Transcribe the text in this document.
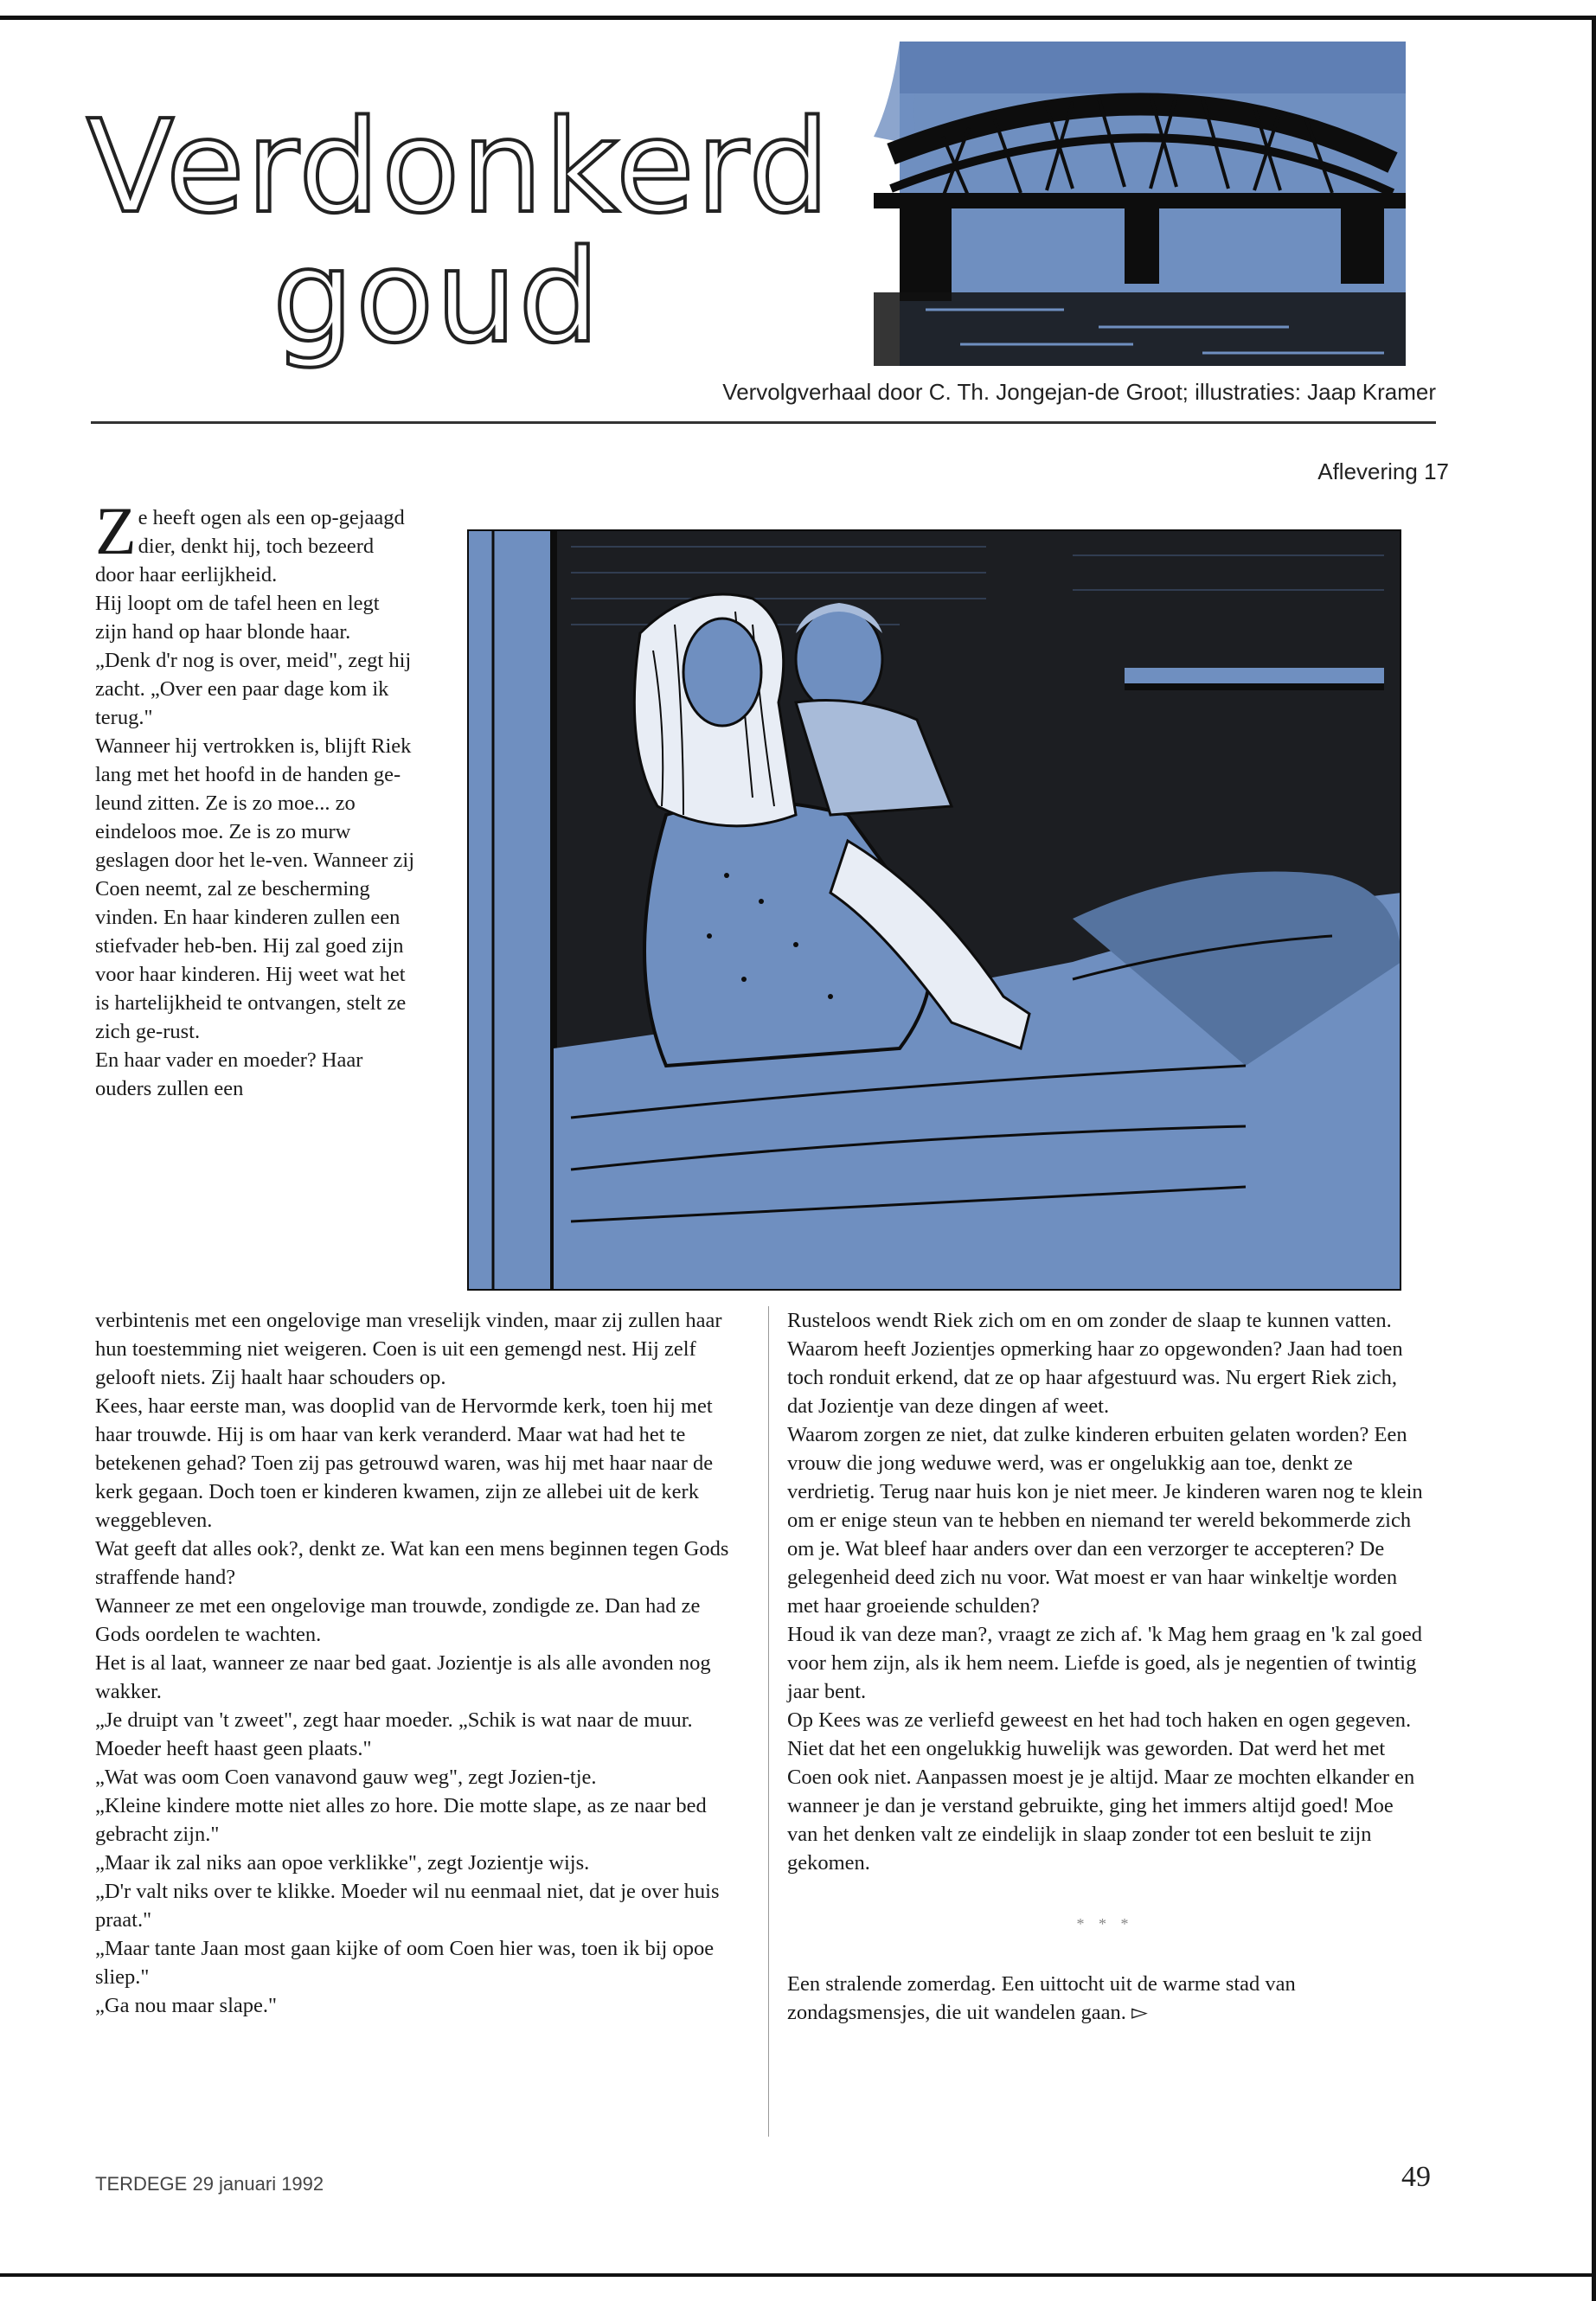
Verdonkerd
goud
Vervolgverhaal door C. Th. Jongejan-de Groot; illustraties: Jaap Kramer
Aflevering 17

Ze heeft ogen als een op-gejaagd dier, denkt hij, toch bezeerd door haar eerlijkheid.

Hij loopt om de tafel heen en legt zijn hand op haar blonde haar.

„Denk d'r nog is over, meid", zegt hij zacht. „Over een paar dage kom ik terug."

Wanneer hij vertrokken is, blijft Riek lang met het hoofd in de handen ge-leund zitten. Ze is zo moe... zo eindeloos moe. Ze is zo murw geslagen door het le-ven. Wanneer zij Coen neemt, zal ze bescherming vinden. En haar kinderen zullen een stiefvader heb-ben. Hij zal goed zijn voor haar kinderen. Hij weet wat het is hartelijkheid te ontvangen, stelt ze zich ge-rust.

En haar vader en moeder? Haar ouders zullen een

verbintenis met een ongelovige man vreselijk vinden, maar zij zullen haar hun toestemming niet weigeren. Coen is uit een gemengd nest. Hij zelf gelooft niets. Zij haalt haar schouders op.

Kees, haar eerste man, was dooplid van de Hervormde kerk, toen hij met haar trouwde. Hij is om haar van kerk veranderd. Maar wat had het te betekenen gehad? Toen zij pas getrouwd waren, was hij met haar naar de kerk gegaan. Doch toen er kinderen kwamen, zijn ze allebei uit de kerk weggebleven.

Wat geeft dat alles ook?, denkt ze. Wat kan een mens beginnen tegen Gods straffende hand?

Wanneer ze met een ongelovige man trouwde, zondigde ze. Dan had ze Gods oordelen te wachten.

Het is al laat, wanneer ze naar bed gaat. Jozientje is als alle avonden nog wakker.

„Je druipt van 't zweet", zegt haar moeder. „Schik is wat naar de muur. Moeder heeft haast geen plaats."

„Wat was oom Coen vanavond gauw weg", zegt Jozien-tje.

„Kleine kindere motte niet alles zo hore. Die motte slape, as ze naar bed gebracht zijn."

„Maar ik zal niks aan opoe verklikke", zegt Jozientje wijs.

„D'r valt niks over te klikke. Moeder wil nu eenmaal niet, dat je over huis praat."

„Maar tante Jaan most gaan kijke of oom Coen hier was, toen ik bij opoe sliep."

„Ga nou maar slape."

Rusteloos wendt Riek zich om en om zonder de slaap te kunnen vatten. Waarom heeft Jozientjes opmerking haar zo opgewonden? Jaan had toen toch ronduit erkend, dat ze op haar afgestuurd was. Nu ergert Riek zich, dat Jozientje van deze dingen af weet.

Waarom zorgen ze niet, dat zulke kinderen erbuiten gelaten worden? Een vrouw die jong weduwe werd, was er ongelukkig aan toe, denkt ze verdrietig. Terug naar huis kon je niet meer. Je kinderen waren nog te klein om er enige steun van te hebben en niemand ter wereld bekommerde zich om je. Wat bleef haar anders over dan een verzorger te accepteren? De gelegenheid deed zich nu voor. Wat moest er van haar winkeltje worden met haar groeiende schulden?

Houd ik van deze man?, vraagt ze zich af. 'k Mag hem graag en 'k zal goed voor hem zijn, als ik hem neem. Liefde is goed, als je negentien of twintig jaar bent.

Op Kees was ze verliefd geweest en het had toch haken en ogen gegeven. Niet dat het een ongelukkig huwelijk was geworden. Dat werd het met Coen ook niet. Aanpassen moest je je altijd. Maar ze mochten elkander en wanneer je dan je verstand gebruikte, ging het immers altijd goed! Moe van het denken valt ze eindelijk in slaap zonder tot een besluit te zijn gekomen.

* * *

Een stralende zomerdag. Een uittocht uit de warme stad van zondagsmensjes, die uit wandelen gaan. ▻

TERDEGE 29 januari 1992	49
